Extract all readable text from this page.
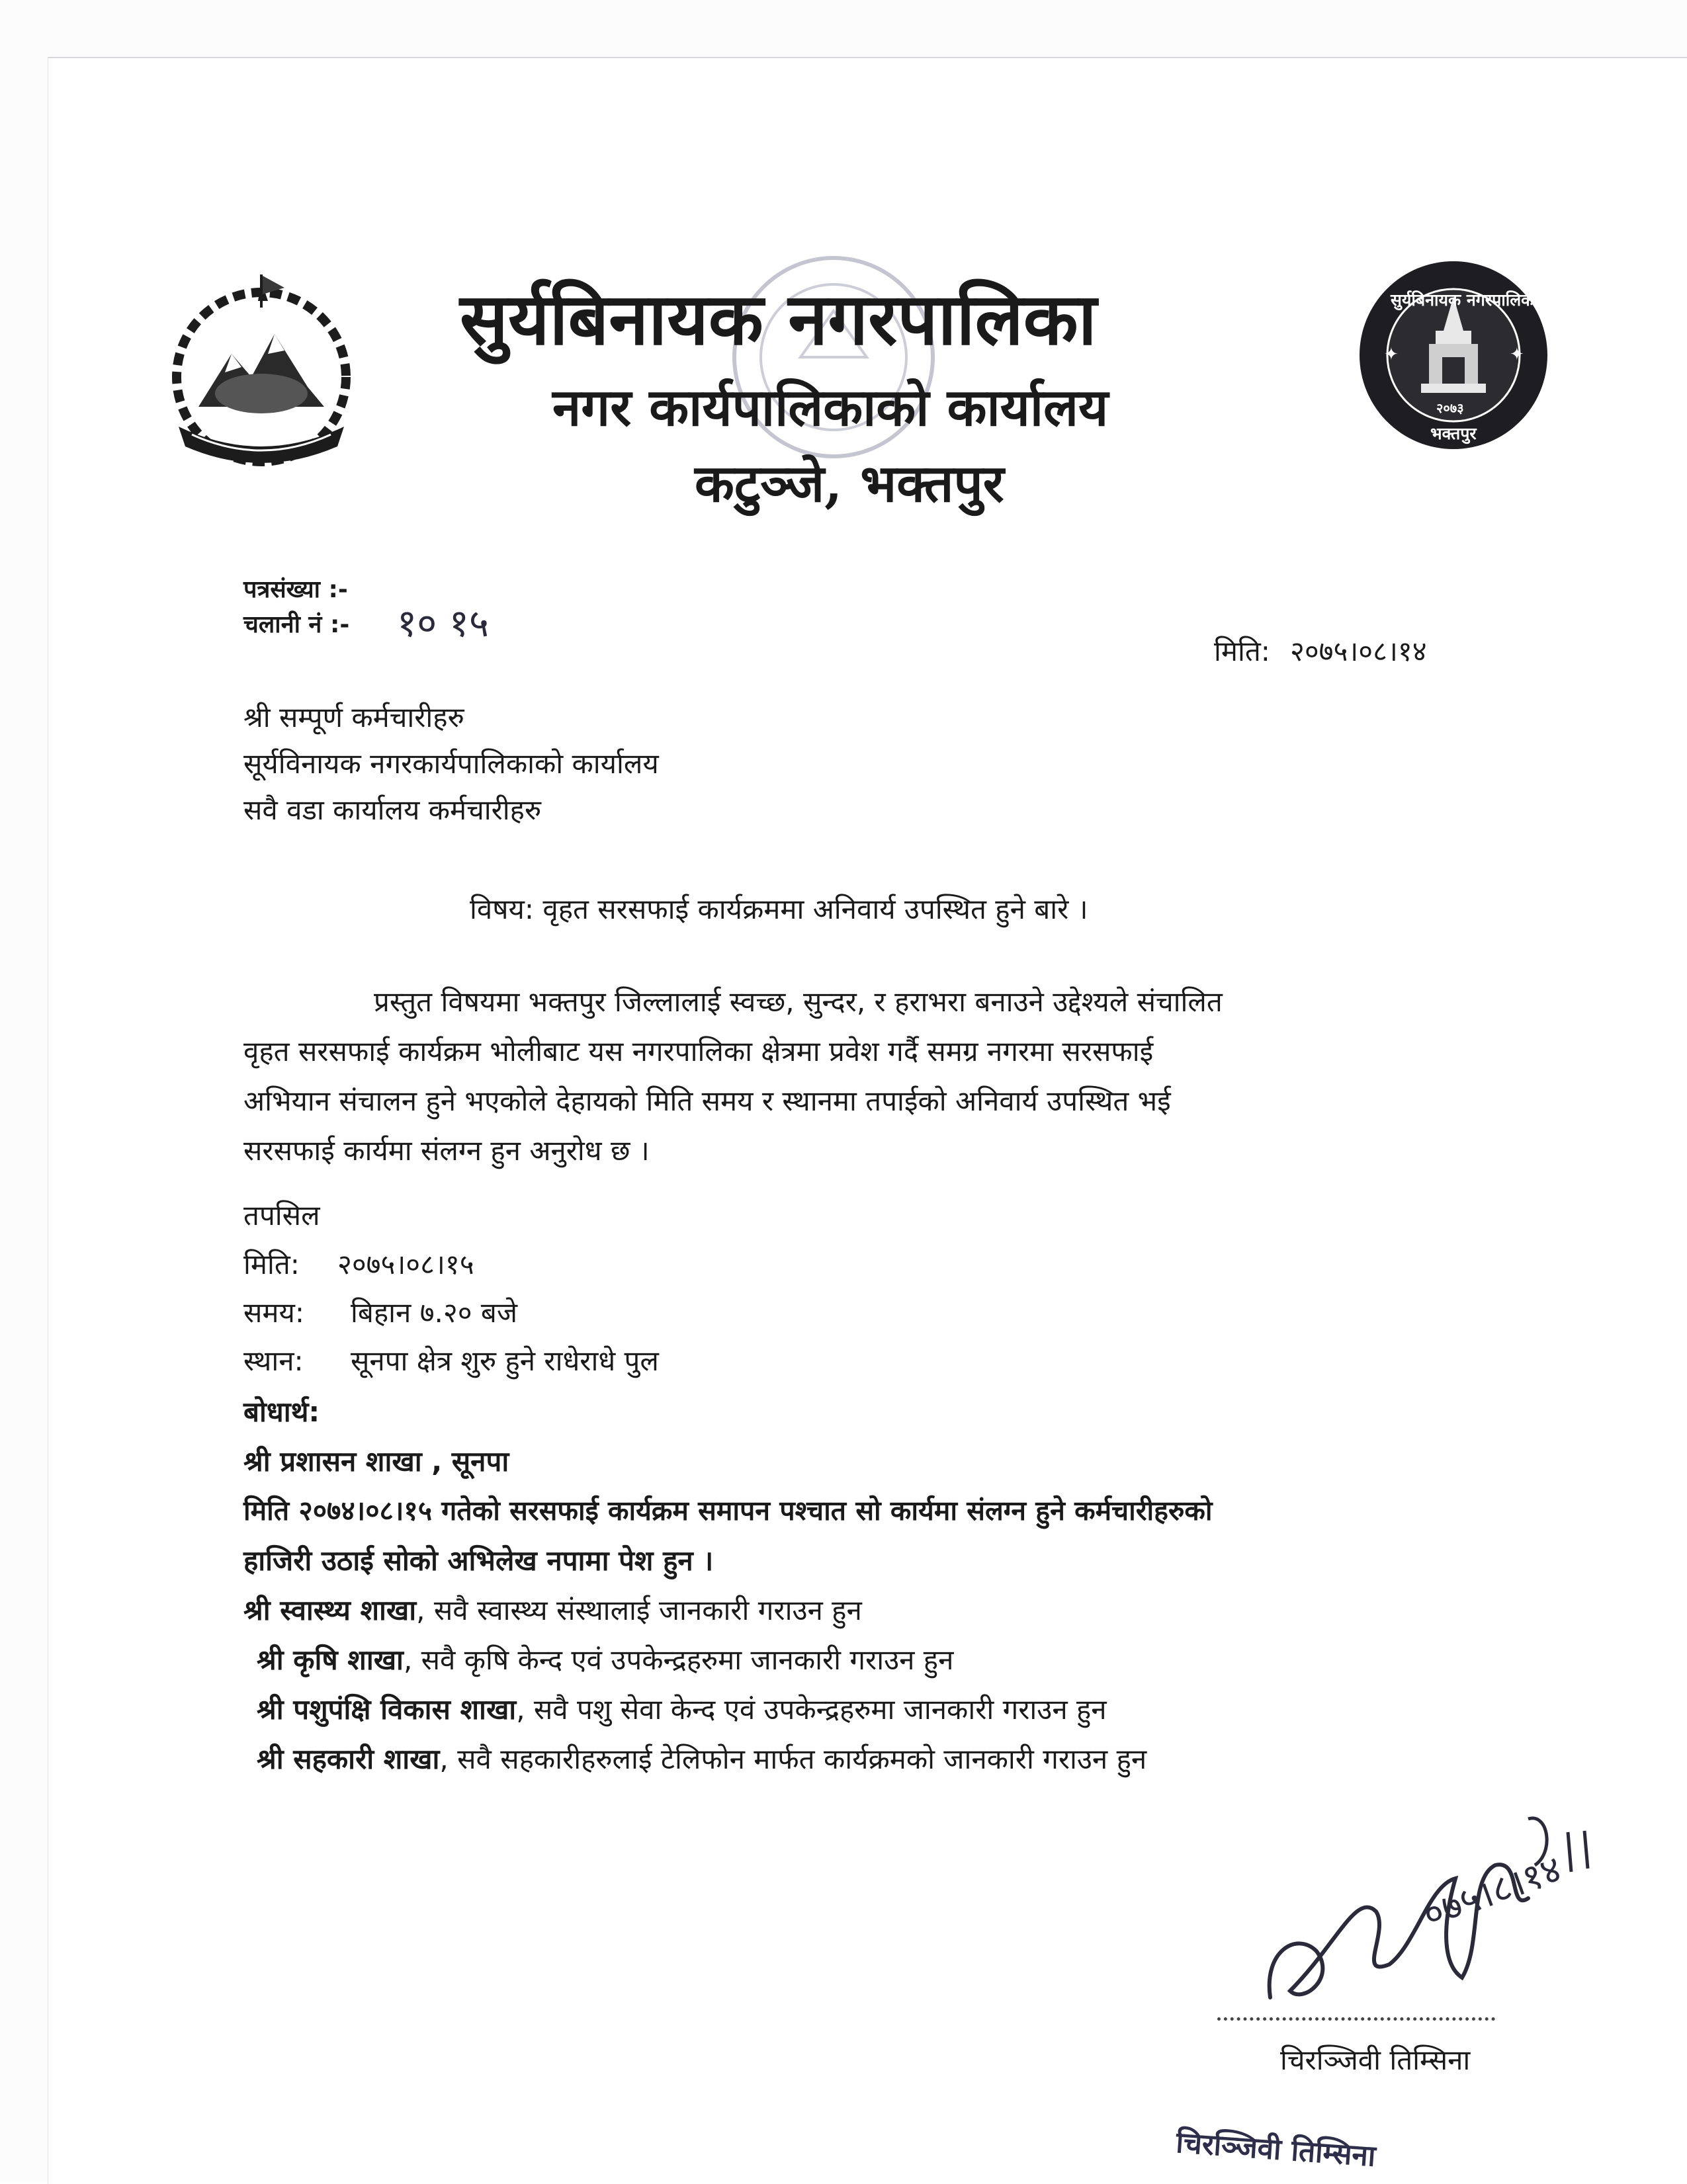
सुर्यबिनायक नगरपालिका
नगर कार्यपालिकाको कार्यालय
कटुञ्जे, भक्तपुर
✦	✦
सुर्यबिनायक नगरपालिका
२०७३
भक्तपुर
पत्रसंख्या :-
चलानी नं :- १० १५
मिति: २०७५।०८।१४
श्री सम्पूर्ण कर्मचारीहरु
सूर्यविनायक नगरकार्यपालिकाको कार्यालय
सवै वडा कार्यालय कर्मचारीहरु
विषय: वृहत सरसफाई कार्यक्रममा अनिवार्य उपस्थित हुने बारे ।
प्रस्तुत विषयमा भक्तपुर जिल्लालाई स्वच्छ, सुन्दर, र हराभरा बनाउने उद्देश्यले संचालित
वृहत सरसफाई कार्यक्रम भोलीबाट यस नगरपालिका क्षेत्रमा प्रवेश गर्दै समग्र नगरमा सरसफाई
अभियान संचालन हुने भएकोले देहायको मिति समय र स्थानमा तपाईको अनिवार्य उपस्थित भई
सरसफाई कार्यमा संलग्न हुन अनुरोध छ ।
तपसिल
मिति: २०७५।०८।१५
समय: बिहान ७.२० बजे
स्थान: सूनपा क्षेत्र शुरु हुने राधेराधे पुल
बोधार्थ:
श्री प्रशासन शाखा , सूनपा
मिति २०७४।०८।१५ गतेको सरसफाई कार्यक्रम समापन पश्चात सो कार्यमा संलग्न हुने कर्मचारीहरुको
हाजिरी उठाई सोको अभिलेख नपामा पेश हुन ।
श्री स्वास्थ्य शाखा, सवै स्वास्थ्य संस्थालाई जानकारी गराउन हुन
श्री कृषि शाखा, सवै कृषि केन्द एवं उपकेन्द्रहरुमा जानकारी गराउन हुन
श्री पशुपंक्षि विकास शाखा, सवै पशु सेवा केन्द एवं उपकेन्द्रहरुमा जानकारी गराउन हुन
श्री सहकारी शाखा, सवै सहकारीहरुलाई टेलिफोन मार्फत कार्यक्रमको जानकारी गराउन हुन
०७५।८।१४
चिरञ्जिवी तिम्सिना
चिरञ्जिवी तिम्सिना
